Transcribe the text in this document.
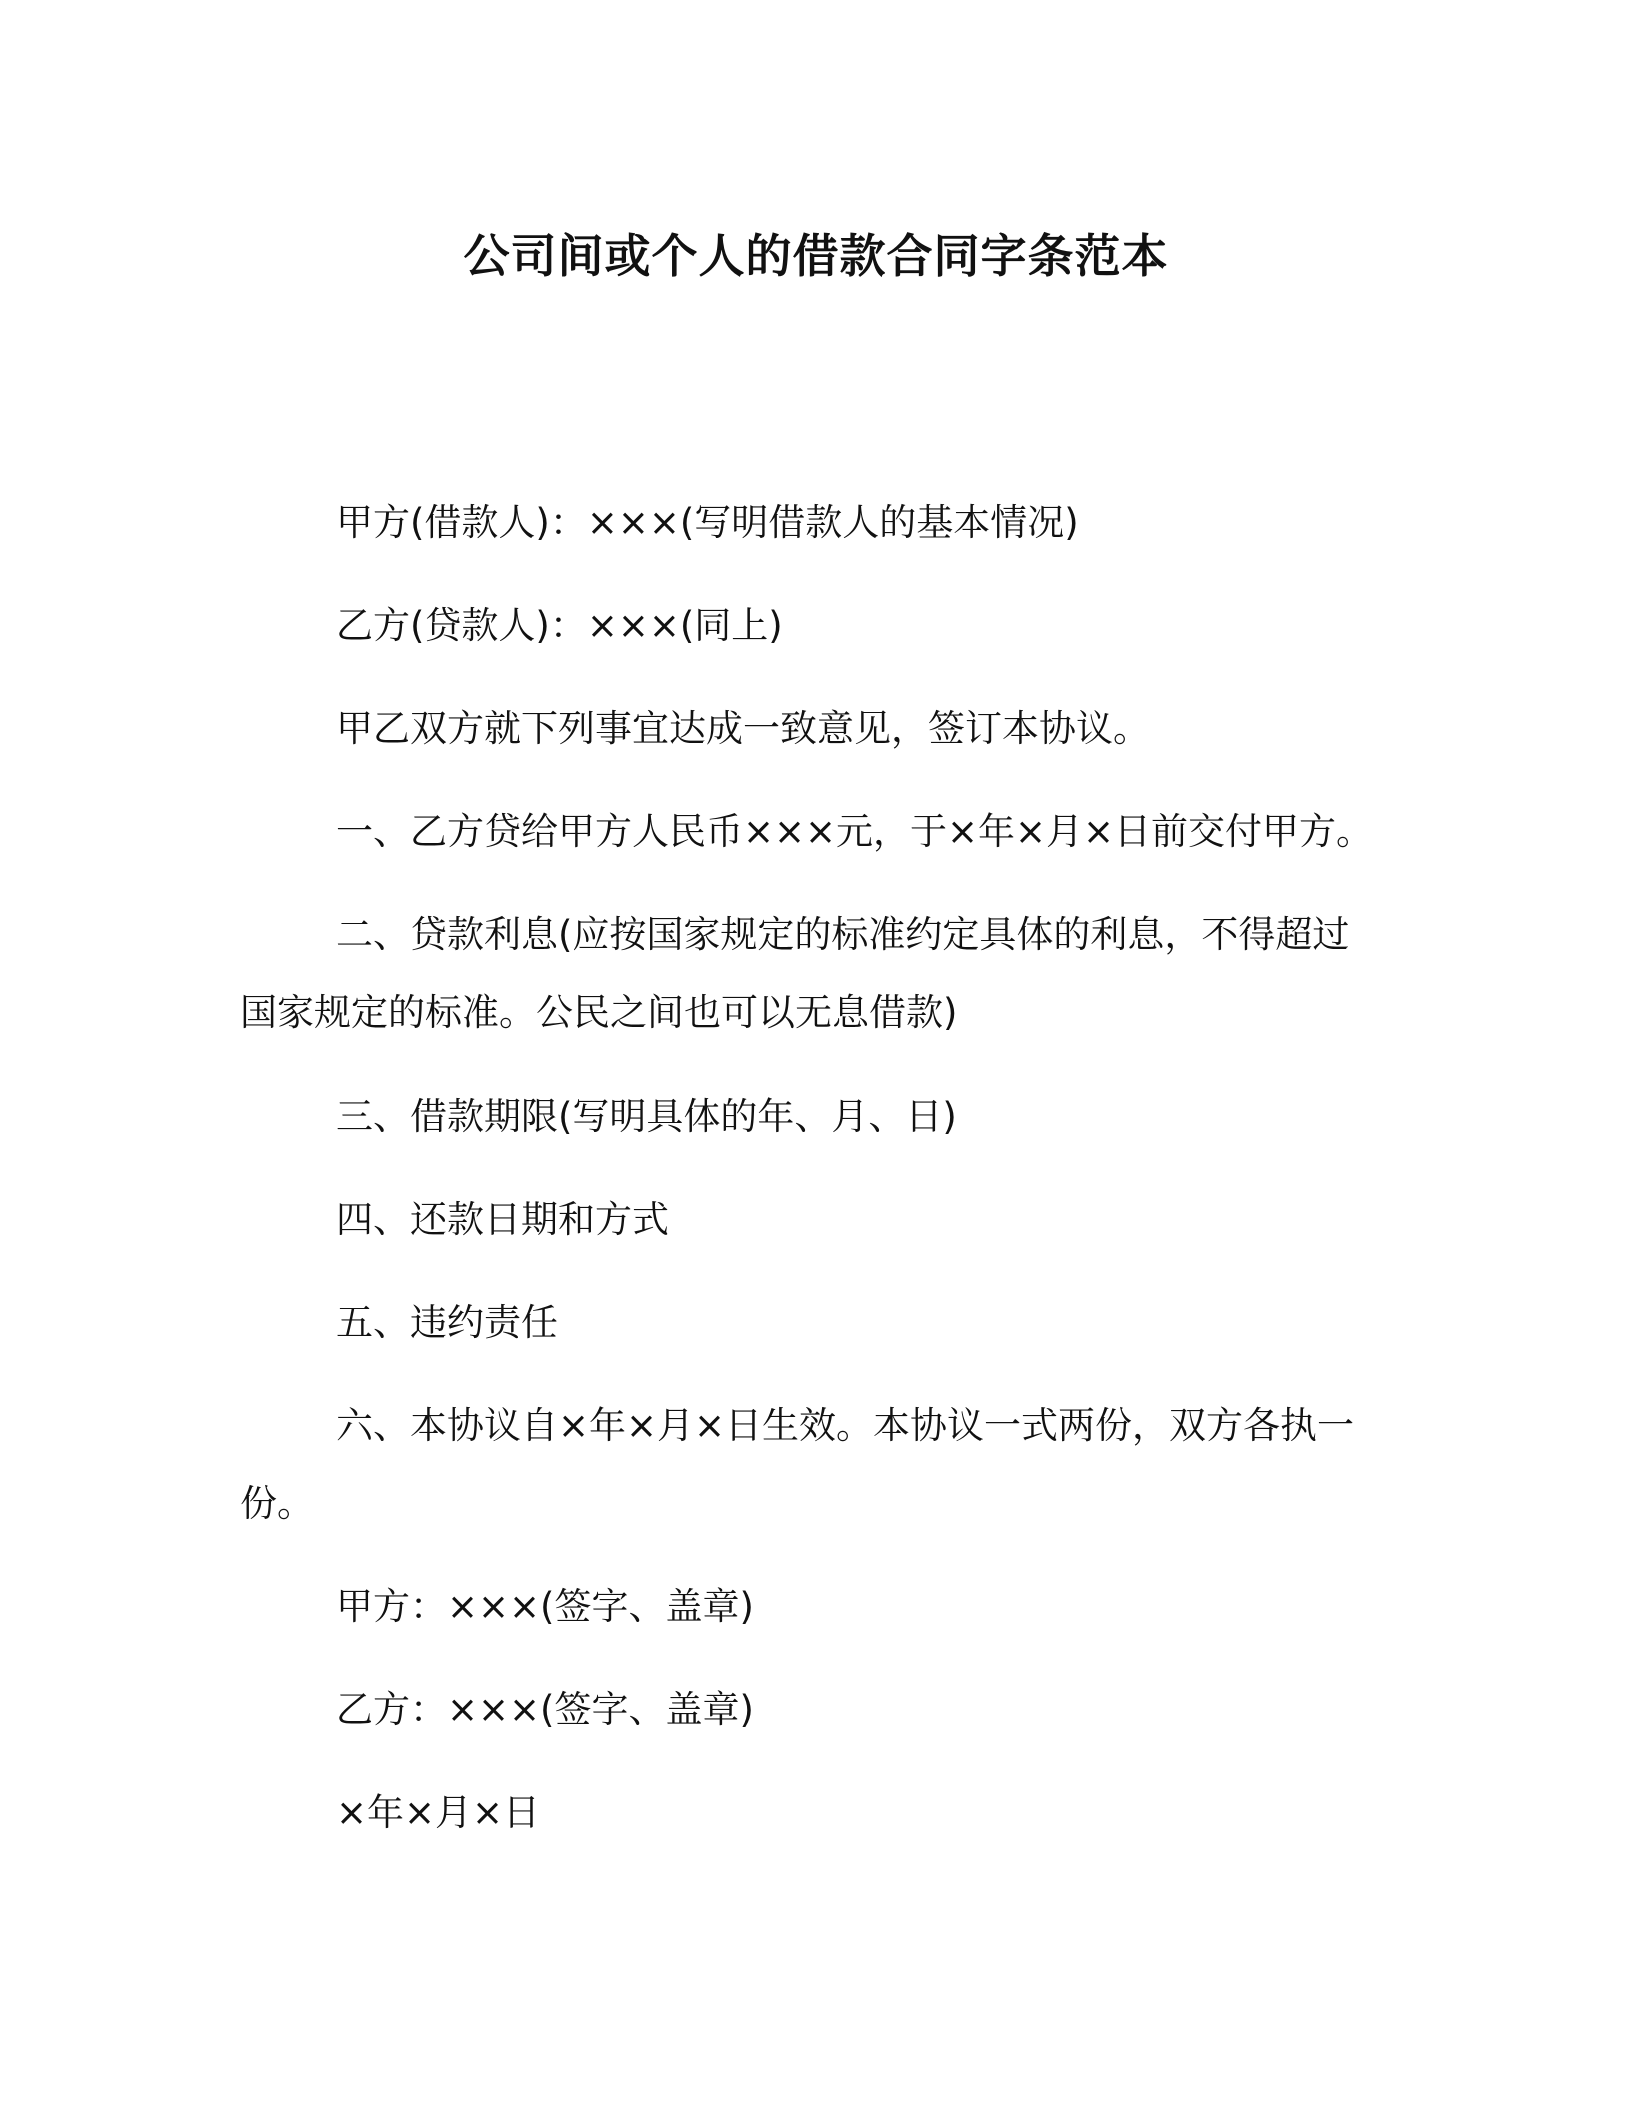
公司间或个人的借款合同字条范本

甲方(借款人)：×××(写明借款人的基本情况)

乙方(贷款人)：×××(同上)

甲乙双方就下列事宜达成一致意见，签订本协议。

一、乙方贷给甲方人民币×××元，于×年×月×日前交付甲方。

二、贷款利息(应按国家规定的标准约定具体的利息，不得超过国家规定的标准。公民之间也可以无息借款)

三、借款期限(写明具体的年、月、日)

四、还款日期和方式

五、违约责任

六、本协议自×年×月×日生效。本协议一式两份，双方各执一份。

甲方：×××(签字、盖章)

乙方：×××(签字、盖章)

×年×月×日
